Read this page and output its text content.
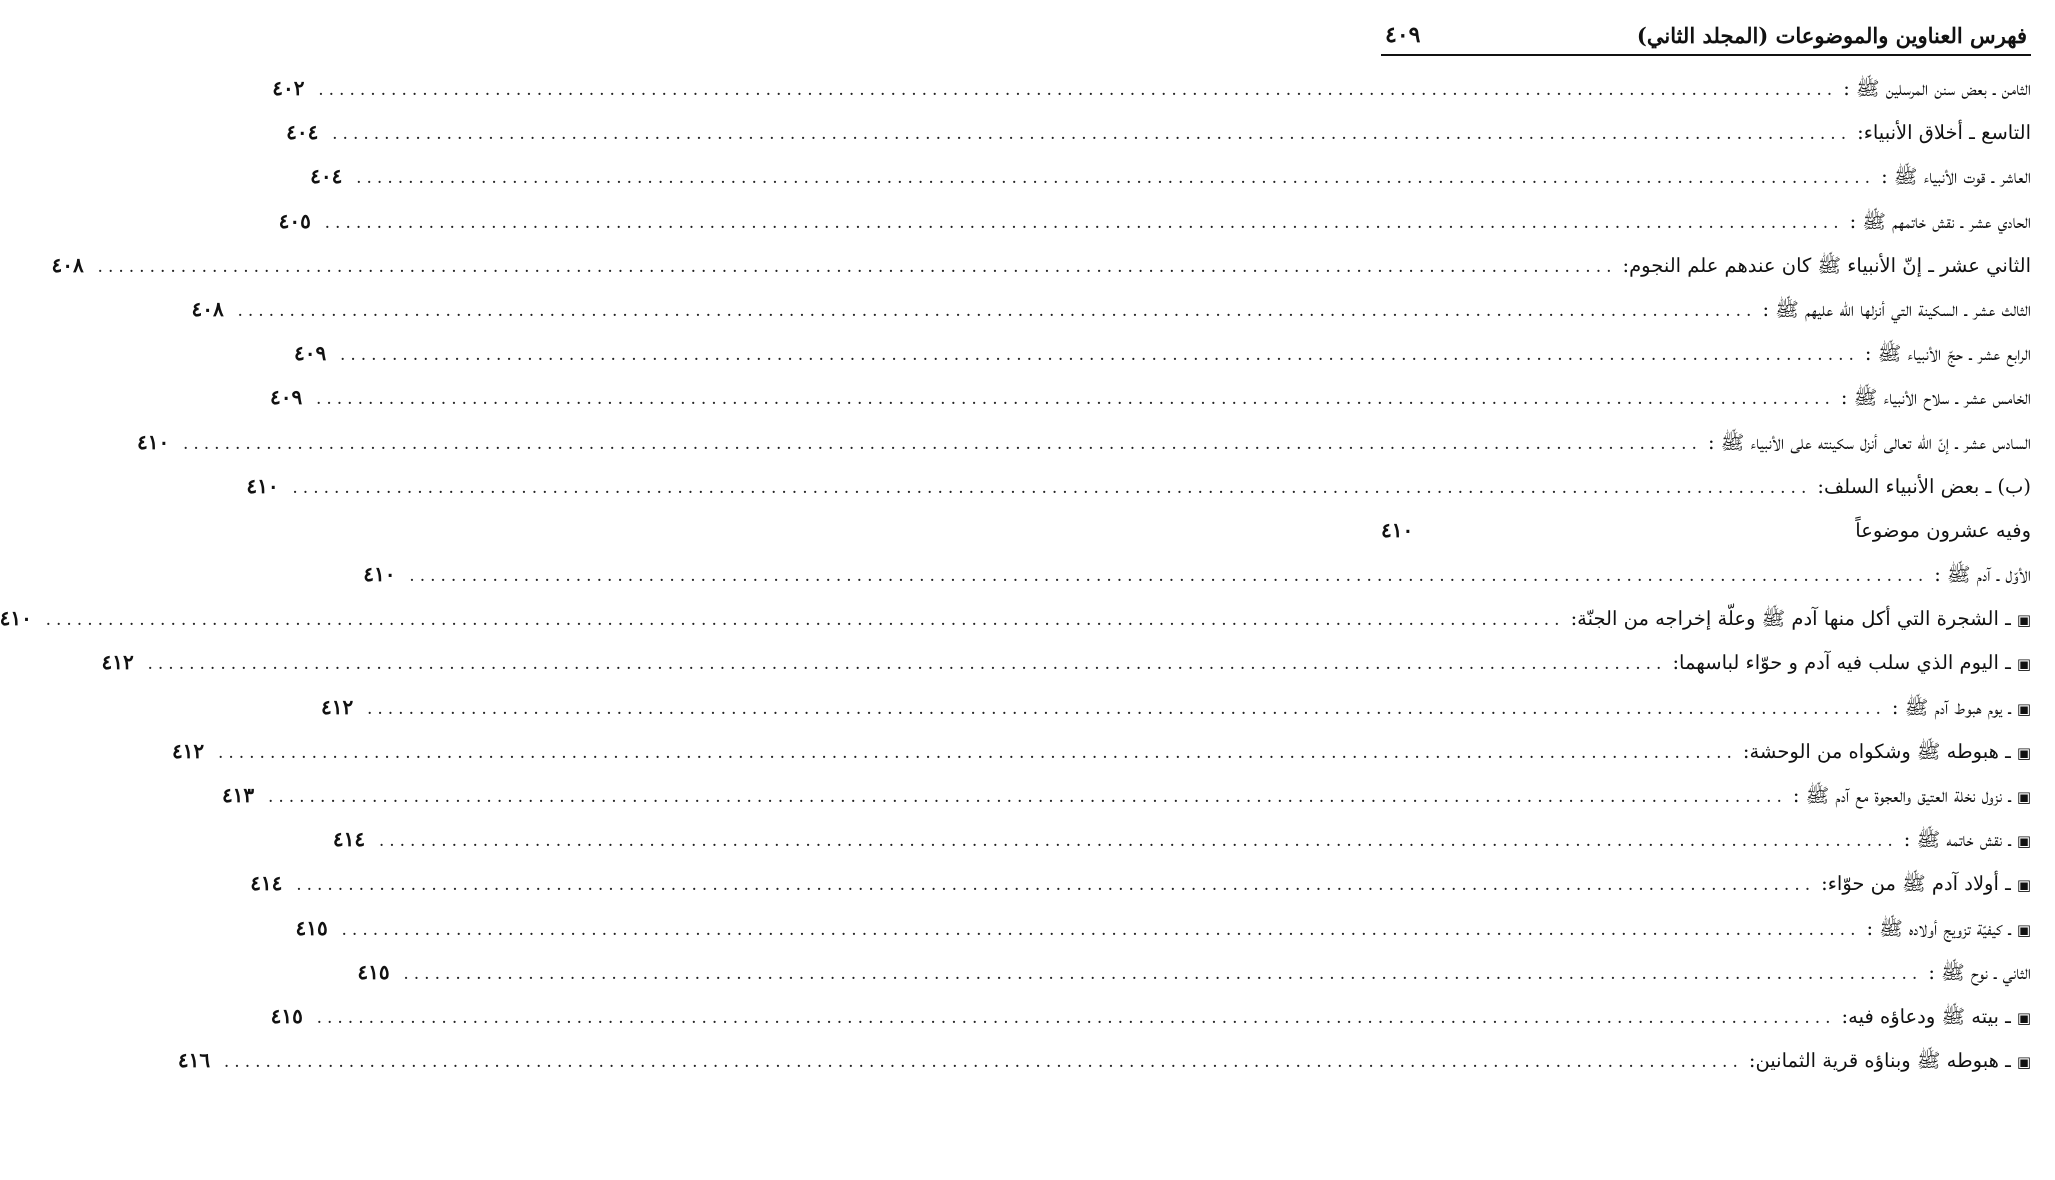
فهرس العناوين والموضوعات (المجلد الثاني)
٤٠٩
الثامن ـ بعض سنن المرسلين ﷺ :
.....
٤٠٢
التاسع ـ أخلاق الأنبياء:
.....
٤٠٤
العاشر ـ قوت الأنبياء ﷺ :
.....
٤٠٤
الحادي عشر ـ نقش خاتمهم ﷺ :
.....
٤٠٥
الثاني عشر ـ إنّ الأنبياء ﷺ كان عندهم علم النجوم:
.....
٤٠٨
الثالث عشر ـ السكينة التي أنزلها الله عليهم ﷺ :
.....
٤٠٨
الرابع عشر ـ حجّ الأنبياء ﷺ :
.....
٤٠٩
الخامس عشر ـ سلاح الأنبياء ﷺ :
.....
٤٠٩
السادس عشر ـ إنّ الله تعالى أنزل سكينته على الأنبياء ﷺ :
.....
٤١٠
(ب) ـ بعض الأنبياء السلف:
.....
٤١٠
وفيه عشرون موضوعاً
٤١٠
الأوّل ـ آدم ﷺ :
.....
٤١٠
▣
ـ الشجرة التي أكل منها آدم ﷺ وعلّة إخراجه من الجنّة:
.....
٤١٠
▣
ـ اليوم الذي سلب فيه آدم و حوّاء لباسهما:
.....
٤١٢
▣
ـ يوم هبوط آدم ﷺ :
.....
٤١٢
▣
ـ هبوطه ﷺ وشكواه من الوحشة:
.....
٤١٢
▣
ـ نزول نخلة العتيق والعجوة مع آدم ﷺ :
.....
٤١٣
▣
ـ نقش خاتمه ﷺ :
.....
٤١٤
▣
ـ أولاد آدم ﷺ من حوّاء:
.....
٤١٤
▣
ـ كيفيّة تزويج أولاده ﷺ :
.....
٤١٥
الثاني ـ نوح ﷺ :
.....
٤١٥
▣
ـ بيته ﷺ ودعاؤه فيه:
.....
٤١٥
▣
ـ هبوطه ﷺ وبناؤه قرية الثمانين:
.....
٤١٦
